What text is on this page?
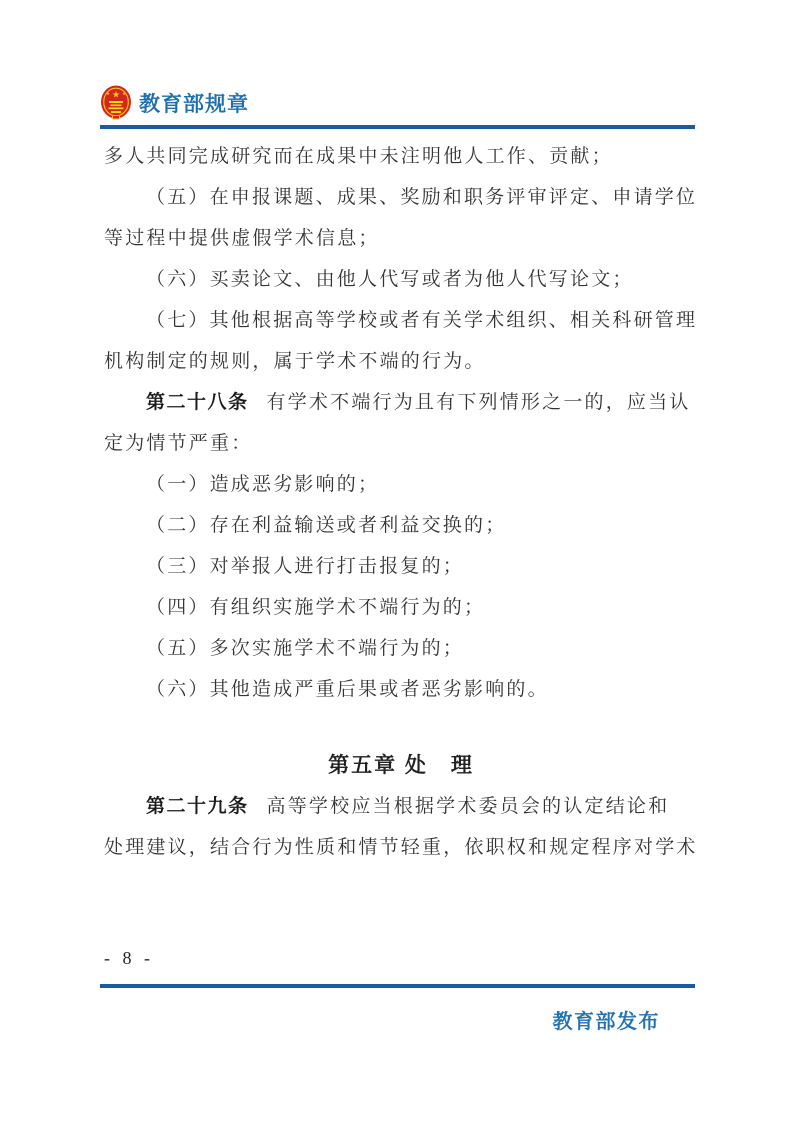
★
★	★ 教育部规章

多人共同完成研究而在成果中未注明他人工作、贡献；

（五）在申报课题、成果、奖励和职务评审评定、申请学位

等过程中提供虚假学术信息；

（六）买卖论文、由他人代写或者为他人代写论文；

（七）其他根据高等学校或者有关学术组织、相关科研管理

机构制定的规则，属于学术不端的行为。

第二十八条 有学术不端行为且有下列情形之一的，应当认

定为情节严重：

（一）造成恶劣影响的；

（二）存在利益输送或者利益交换的；

（三）对举报人进行打击报复的；

（四）有组织实施学术不端行为的；

（五）多次实施学术不端行为的；

（六）其他造成严重后果或者恶劣影响的。

第五章 处　理

第二十九条 高等学校应当根据学术委员会的认定结论和

处理建议，结合行为性质和情节轻重，依职权和规定程序对学术

- 8 -
教育部发布
